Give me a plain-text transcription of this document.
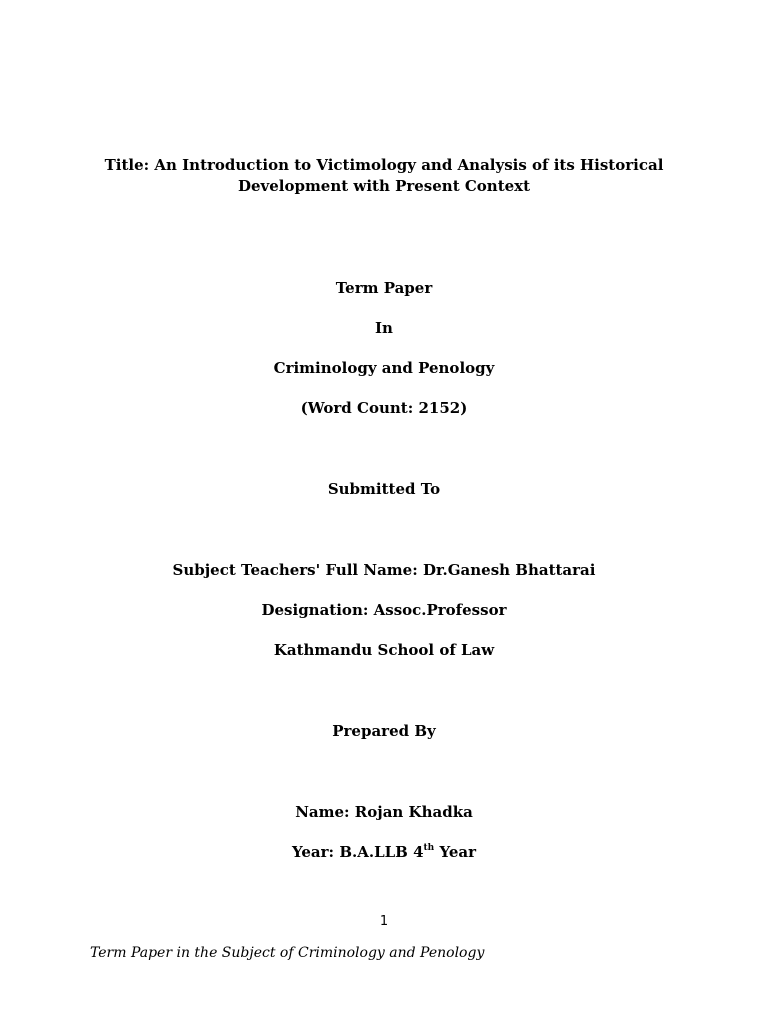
Title: An Introduction to Victimology and Analysis of its Historical
Development with Present Context
Term Paper
In
Criminology and Penology
(Word Count: 2152)
Submitted To
Subject Teachers' Full Name: Dr.Ganesh Bhattarai
Designation: Assoc.Professor
Kathmandu School of Law
Prepared By
Name: Rojan Khadka
Year: B.A.LLB 4th Year
1
Term Paper in the Subject of Criminology and Penology
